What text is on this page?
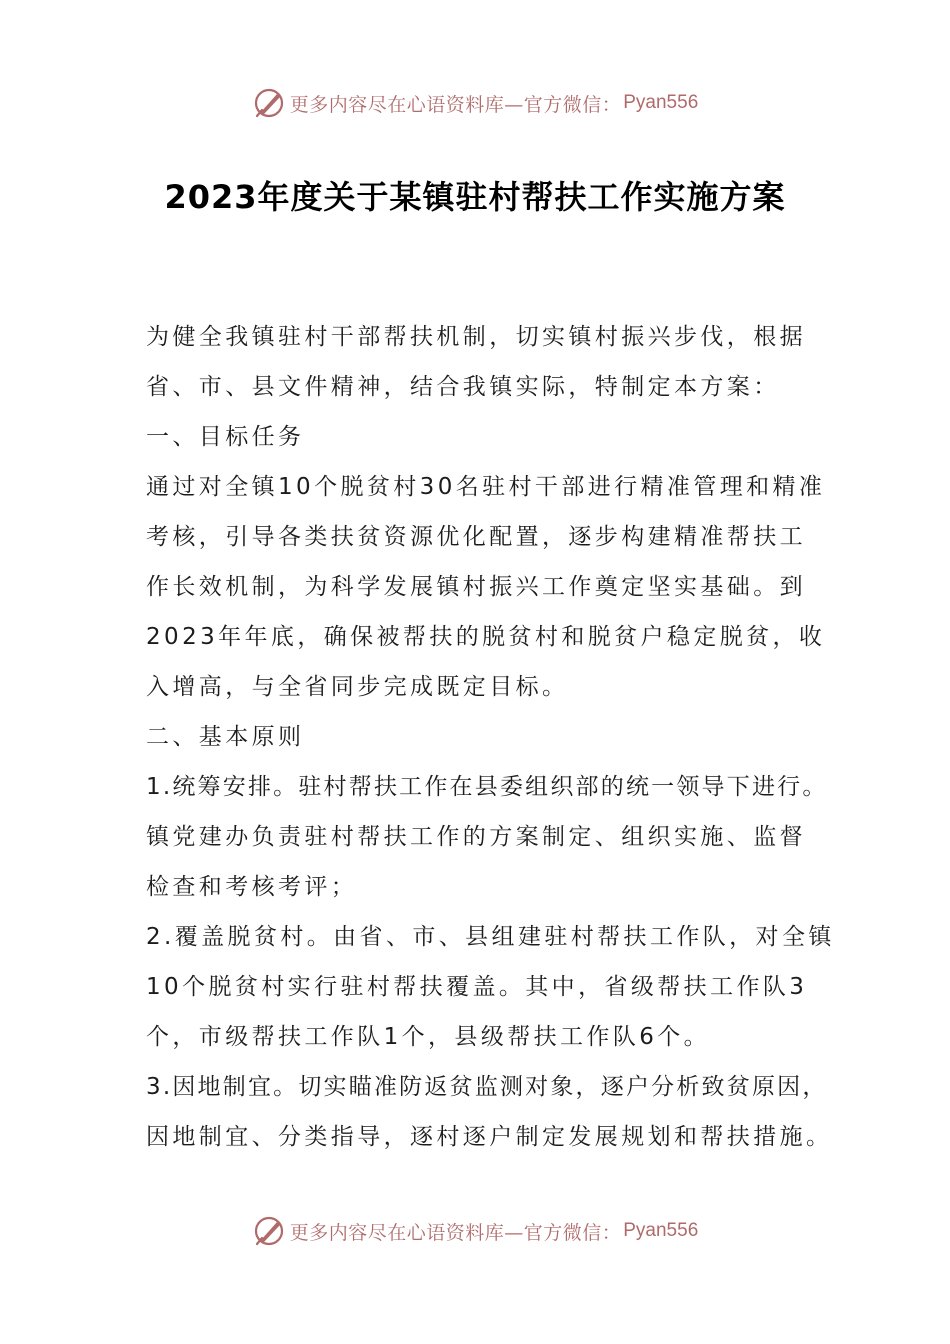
更多内容尽在心语资料库—官方微信： Pyan556
2023年度关于某镇驻村帮扶工作实施方案
为健全我镇驻村干部帮扶机制，切实镇村振兴步伐，根据
省、市、县文件精神，结合我镇实际，特制定本方案：
一、目标任务
通过对全镇10个脱贫村30名驻村干部进行精准管理和精准
考核，引导各类扶贫资源优化配置，逐步构建精准帮扶工
作长效机制，为科学发展镇村振兴工作奠定坚实基础。到
2023年年底，确保被帮扶的脱贫村和脱贫户稳定脱贫，收
入增高，与全省同步完成既定目标。
二、基本原则
1.统筹安排。驻村帮扶工作在县委组织部的统一领导下进行。
镇党建办负责驻村帮扶工作的方案制定、组织实施、监督
检查和考核考评；
2.覆盖脱贫村。由省、市、县组建驻村帮扶工作队，对全镇
10个脱贫村实行驻村帮扶覆盖。其中，省级帮扶工作队3
个，市级帮扶工作队1个，县级帮扶工作队6个。
3.因地制宜。切实瞄准防返贫监测对象，逐户分析致贫原因，
因地制宜、分类指导，逐村逐户制定发展规划和帮扶措施。
更多内容尽在心语资料库—官方微信： Pyan556
